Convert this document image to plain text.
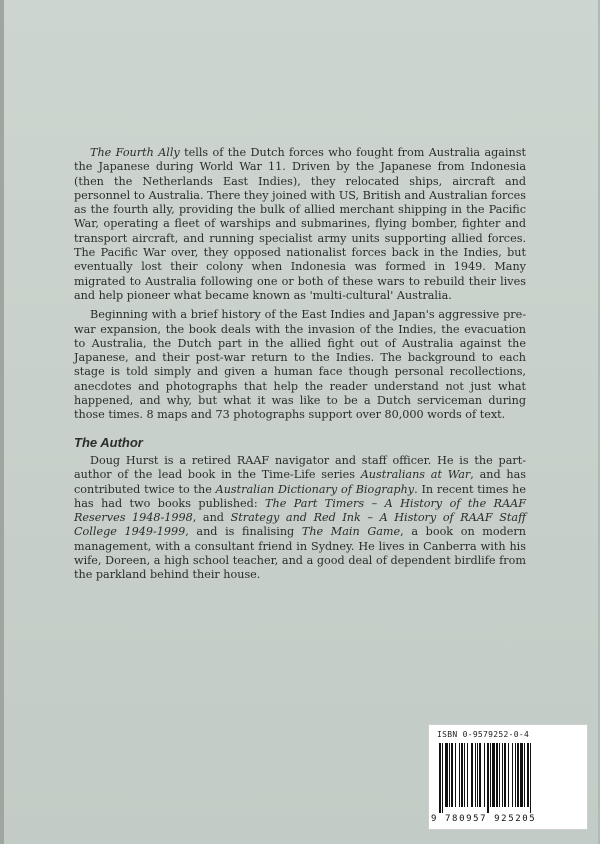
The Fourth Ally tells of the Dutch forces who fought from Australia against the Japanese during World War 11. Driven by the Japanese from Indonesia (then the Netherlands East Indies), they relocated ships, aircraft and personnel to Australia. There they joined with US, British and Australian forces as the fourth ally, providing the bulk of allied merchant shipping in the Pacific War, operating a fleet of warships and submarines, flying bomber, fighter and transport aircraft, and running specialist army units supporting allied forces. The Pacific War over, they opposed nationalist forces back in the Indies, but eventually lost their colony when Indonesia was formed in 1949. Many migrated to Australia following one or both of these wars to rebuild their lives and help pioneer what became known as 'multi-cultural' Australia.

Beginning with a brief history of the East Indies and Japan's aggressive pre-war expansion, the book deals with the invasion of the Indies, the evacuation to Australia, the Dutch part in the allied fight out of Australia against the Japanese, and their post-war return to the Indies. The background to each stage is told simply and given a human face though personal recollections, anecdotes and photographs that help the reader understand not just what happened, and why, but what it was like to be a Dutch serviceman during those times. 8 maps and 73 photographs support over 80,000 words of text.

The Author

Doug Hurst is a retired RAAF navigator and staff officer. He is the part-author of the lead book in the Time-Life series Australians at War, and has contributed twice to the Australian Dictionary of Biography. In recent times he has had two books published: The Part Timers – A History of the RAAF Reserves 1948-1998, and Strategy and Red Ink – A History of RAAF Staff College 1949-1999, and is finalising The Main Game, a book on modern management, with a consultant friend in Sydney. He lives in Canberra with his wife, Doreen, a high school teacher, and a good deal of dependent birdlife from the parkland behind their house.

ISBN 0-9579252-0-4
9 780957 925205
